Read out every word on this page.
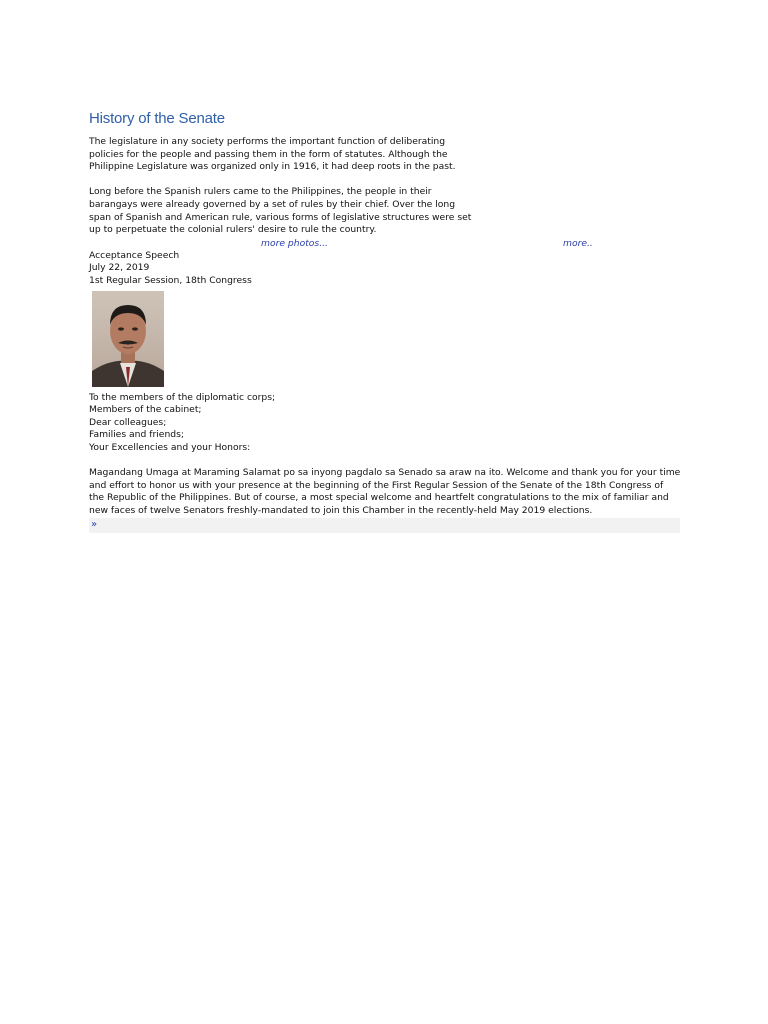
History of the Senate

The legislature in any society performs the important function of deliberating policies for the people and passing them in the form of statutes. Although the Philippine Legislature was organized only in 1916, it had deep roots in the past.

Long before the Spanish rulers came to the Philippines, the people in their barangays were already governed by a set of rules by their chief. Over the long span of Spanish and American rule, various forms of legislative structures were set up to perpetuate the colonial rulers' desire to rule the country.

more photos...	more..
Acceptance Speech
July 22, 2019
1st Regular Session, 18th Congress
To the members of the diplomatic corps;
Members of the cabinet;
Dear colleagues;
Families and friends;
Your Excellencies and your Honors:
Magandang Umaga at Maraming Salamat po sa inyong pagdalo sa Senado sa araw na ito. Welcome and thank you for your time and effort to honor us with your presence at the beginning of the First Regular Session of the Senate of the 18th Congress of the Republic of the Philippines. But of course, a most special welcome and heartfelt congratulations to the mix of familiar and new faces of twelve Senators freshly-mandated to join this Chamber in the recently-held May 2019 elections.
»
